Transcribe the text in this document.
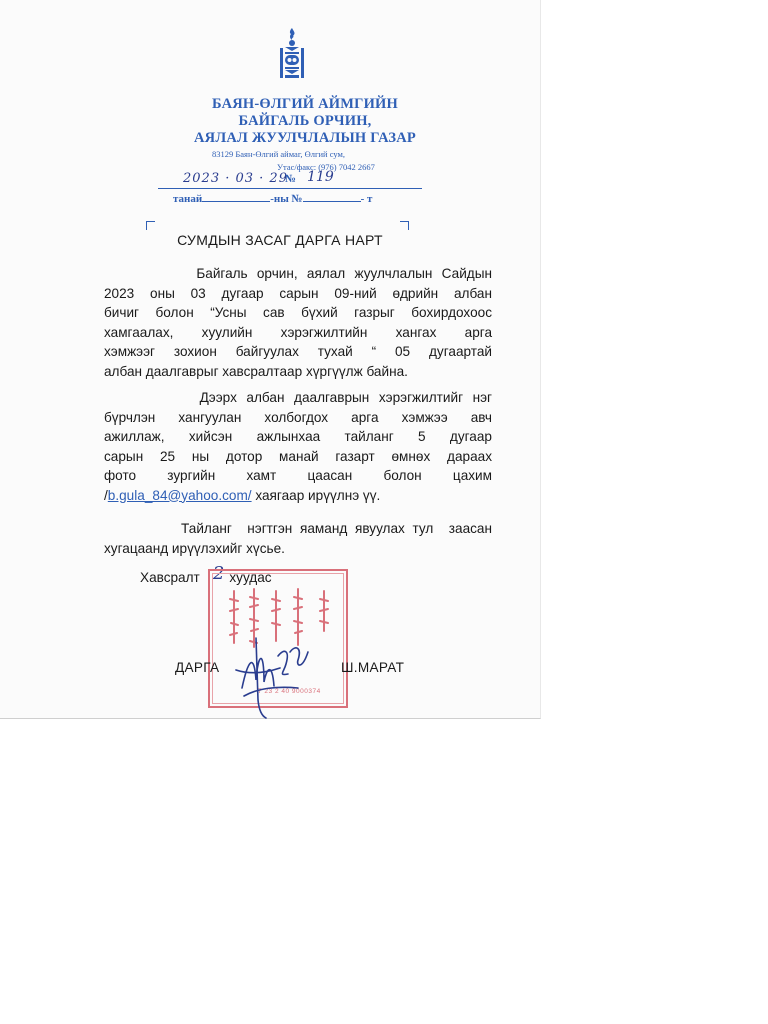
БАЯН-ӨЛГИЙ АЙМГИЙН
БАЙГАЛЬ ОРЧИН,
АЯЛАЛ ЖУУЛЧЛАЛЫН ГАЗАР
83129 Баян-Өлгий аймаг, Өлгий сум,
Утас/факс: (976) 7042 2667
2023 · 03 · 29
№ 119
танай	-ны №	- т
СУМДЫН ЗАСАГ ДАРГА НАРТ
Байгаль орчин, аялал жуулчлалын Сайдын
2023 оны 03 дугаар сарын 09-ний өдрийн албан
бичиг болон “Усны сав бүхий газрыг бохирдохоос
хамгаалах, хуулийн хэрэгжилтийн хангах арга
хэмжээг зохион байгуулах тухай “ 05 дугаартай
албан даалгаврыг хавсралтаар хүргүүлж байна.
Дээрх албан даалгаврын хэрэгжилтийг нэг
бүрчлэн хангуулан холбогдох арга хэмжээ авч
ажиллаж, хийсэн ажлынхаа тайланг 5 дугаар
сарын 25 ны дотор манай газарт өмнөх дараах
фото зургийн хамт цаасан болон цахим
/b.gula_84@yahoo.com/ хаягаар ирүүлнэ үү.
Тайланг  нэгтгэн яаманд явуулах тул  заасан
хугацаанд ирүүлэхийг хүсье.
Хавсралт хуудас
2
7 23 2 40 9000374
ДАРГА	Ш.МАРАТ
